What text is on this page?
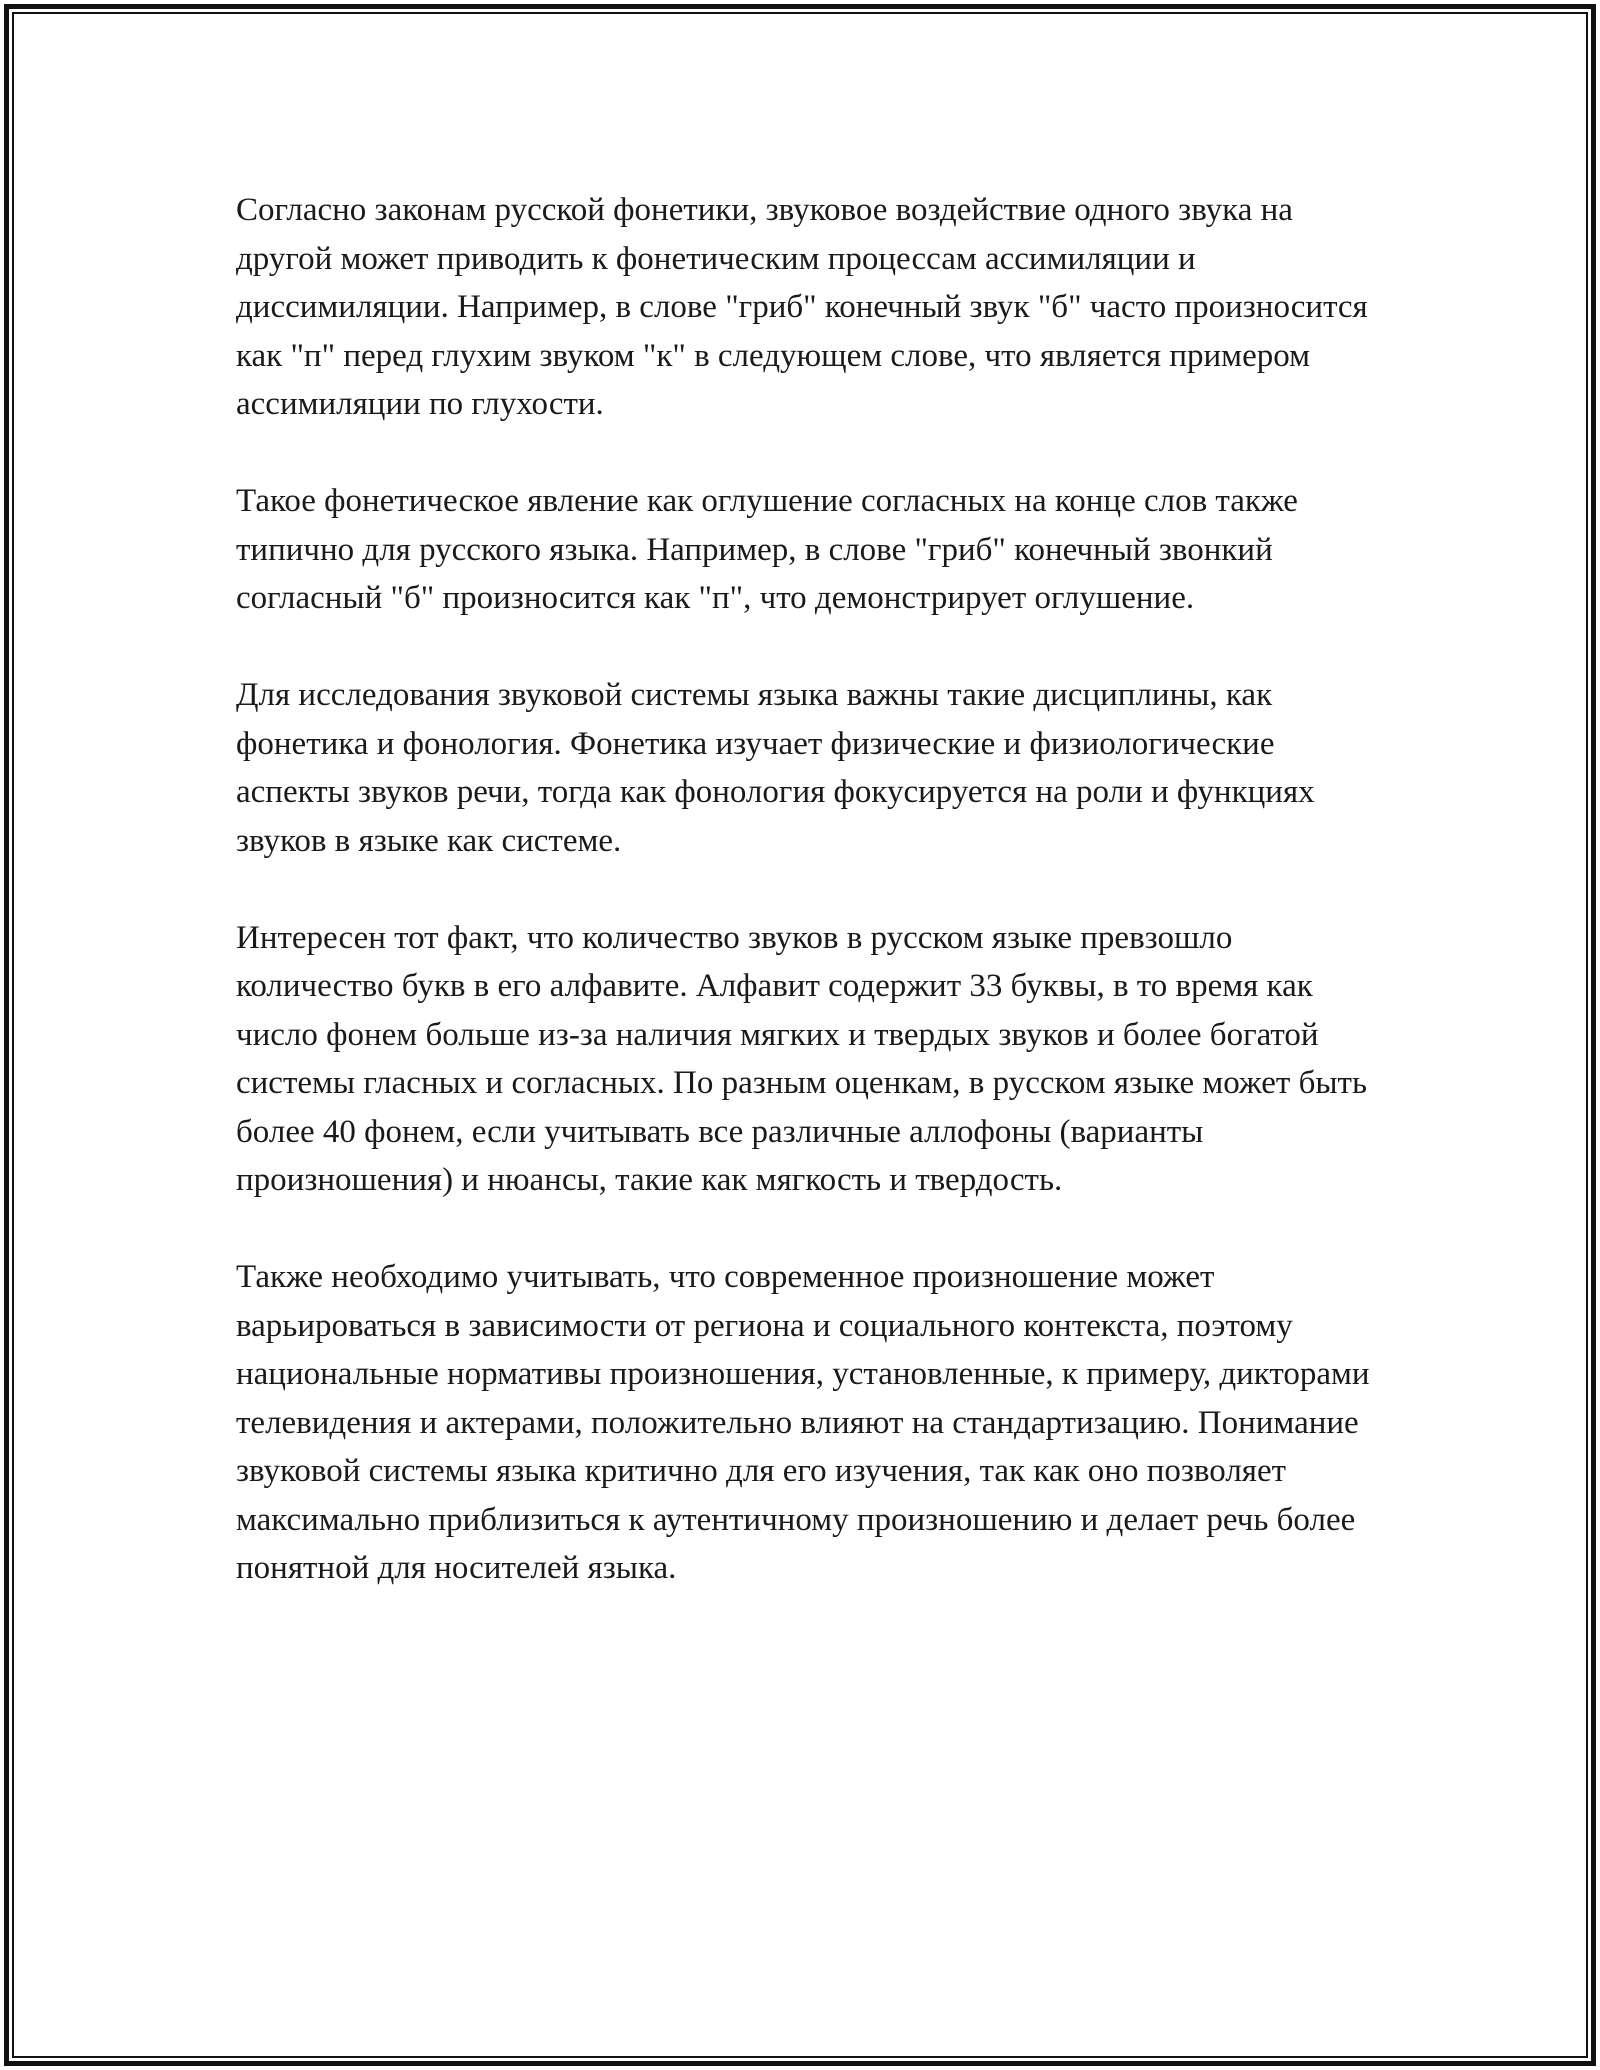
Согласно законам русской фонетики, звуковое воздействие одного звука на другой может приводить к фонетическим процессам ассимиляции и диссимиляции. Например, в слове "гриб" конечный звук "б" часто произносится как "п" перед глухим звуком "к" в следующем слове, что является примером ассимиляции по глухости.

Такое фонетическое явление как оглушение согласных на конце слов также типично для русского языка. Например, в слове "гриб" конечный звонкий согласный "б" произносится как "п", что демонстрирует оглушение.

Для исследования звуковой системы языка важны такие дисциплины, как фонетика и фонология. Фонетика изучает физические и физиологические аспекты звуков речи, тогда как фонология фокусируется на роли и функциях звуков в языке как системе.

Интересен тот факт, что количество звуков в русском языке превзошло количество букв в его алфавите. Алфавит содержит 33 буквы, в то время как число фонем больше из-за наличия мягких и твердых звуков и более богатой системы гласных и согласных. По разным оценкам, в русском языке может быть более 40 фонем, если учитывать все различные аллофоны (варианты произношения) и нюансы, такие как мягкость и твердость.

Также необходимо учитывать, что современное произношение может варьироваться в зависимости от региона и социального контекста, поэтому национальные нормативы произношения, установленные, к примеру, дикторами телевидения и актерами, положительно влияют на стандартизацию. Понимание звуковой системы языка критично для его изучения, так как оно позволяет максимально приблизиться к аутентичному произношению и делает речь более понятной для носителей языка.
